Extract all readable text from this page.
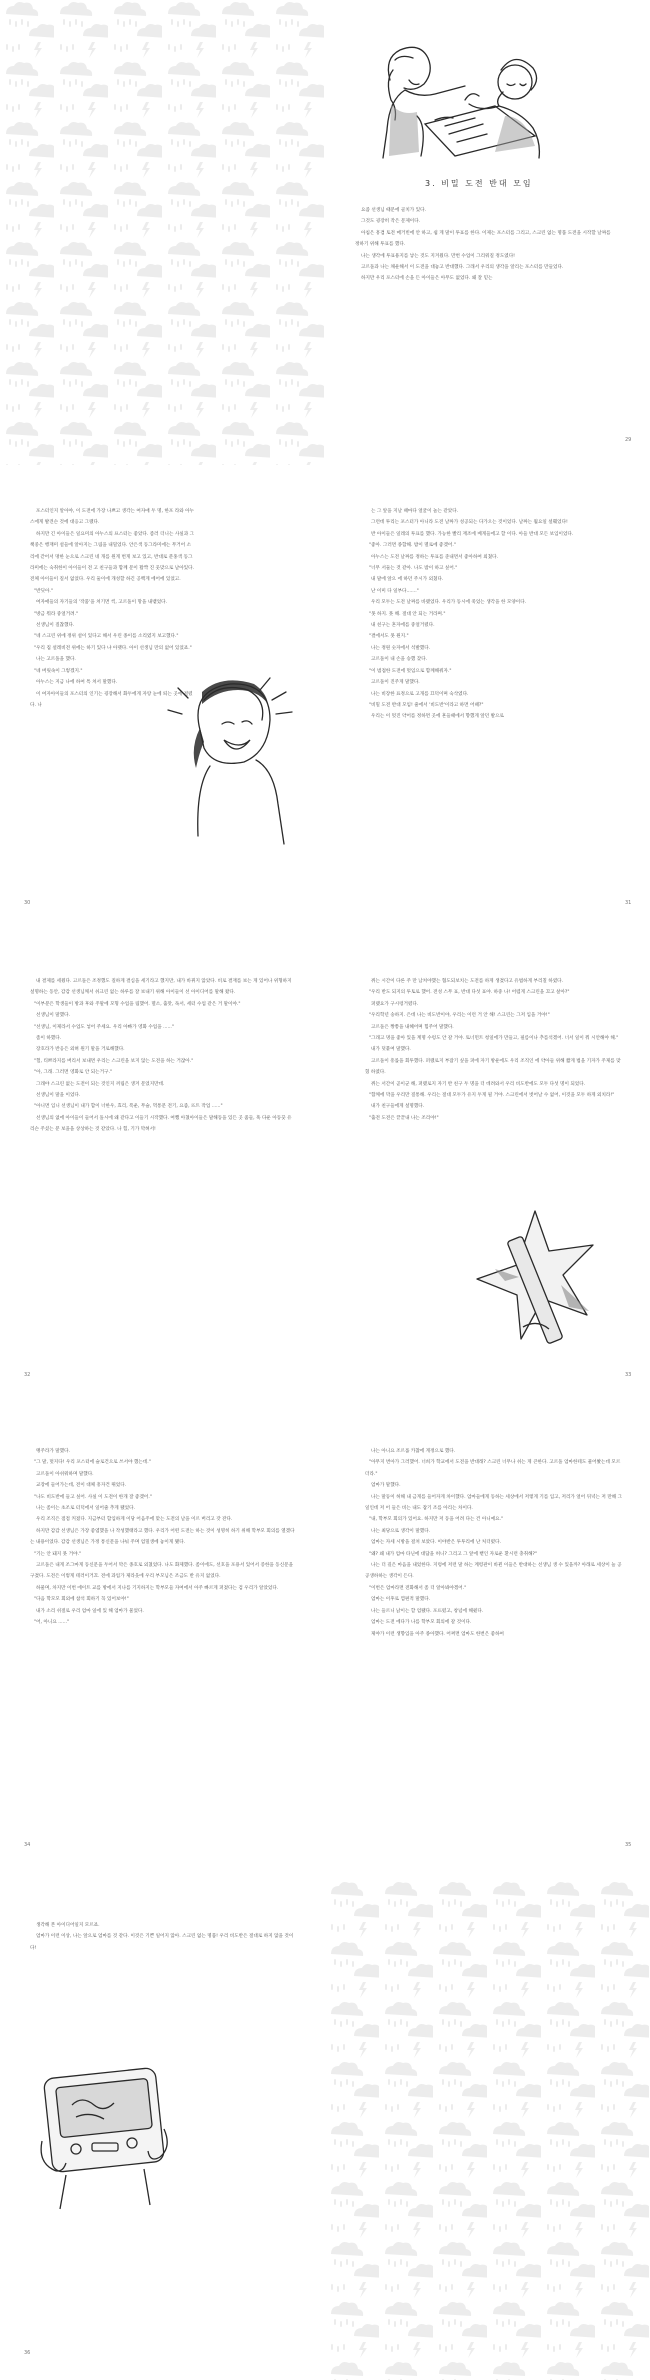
3. 비밀 도전 반대 모임

요즘 선생님 때문에 골치가 있다.

그것도 굉장히 작은 문제이다.

아침은 흥겹 토전 매거빈에 안 하고, 쉽 게 말이 투표를 한다. 이제는 포스터를 그리고, 스크린 없는 명품 도전을 시작할 날짜를 정하기 위해 투표를 했다.

나는 생각에 투표용지를 낳는 것도 지겨웠다. 만번 수업이 그리워질 정도였다!

고르돌과 나는 채운해서 이 도전을 대놓고 반대했다. 그래서 우리의 생각을 알리는 포스터를 만들었다.

하지만 우리 포스터에 손을 든 아이들은 아무도 없었다. 왜 잘 믿는

29

포스터인지 알아야, 이 도전에 가장 나쁘고 생각는 여자애 두 명, 한포 라와 아누스에게 발견슨 것에 대응고 그랬다.

하지만 긴 아이들은 일요미의 아누스의 프스터는 좋았다. 좀러 더니는 사실과 그 책중은 행재미 설들에 알아지는 그림을 내밀었다. 안은색 동그라미에는 무거어 소리에 갇어서 멍한 눈으로 스크린 네 개를 원게 번게 보고 있고, 반대로 분홍색 동그라미에는 숙취한이 아이들이 전 고 친구들과 함께 문이 활짝 진 웃맞으로 날아있다. 전체 아이들이 질서 없었다. 우리 둘이에 개성할 하긴 공백게 에어에 있었고.

"반딧아."

여자애들의 자기들의 '작품'을 쳐기면 씩, 고르돌이 망을 내뱉었다.

"방금 뭐라 중얼거려."

선생님이 질찮했다.

"네 스크린 위에 정위 설이 있다고 해서 우린 종이를 소리였지 보고했다."

"우리 집 설레비전 위에는 하기 있다 냐 아랫다. 아이 선생님 만의 없어 있었죠."

나는 고르돌을 했다.

"네 버릿속이 그렇겠지."

아누스는 지금 나에 하여 특 쳐서 말했다.

이 여자아이들의 포스터의 인기는 굉장해서 화두에게 자랑 눈에 띄는 곳에 걸렸다. 나

30

는 그 앞을 지날 때마다 얼굴이 놀는 같았다.

그런데 투리는 포스터가 아니라 도전 날짜가 성공되는 다가오는 것이었다. 날짜는 월요일 설훼었다!

반 아이들은 일레의 투표를 했다. 가능한 빨리 재조에 베게들에고 할 이다. 아들 반대 모든 보입이었다.

"좋아. 그러면 종합해. 밤이 멸로에 좋겠어."

아누스는 도전 날짜를 정하는 투표를 준내면서 좋아하여 외쳤다.

"너무 서둘는 것 같아. 나도 밤이 하고 싶어."

내 말에 앞으 에 하던 주시가 외쳤다.

난 이미 다 일부다......."

우리 모두는 도전 날짜를 바랬었다. 우리가 동시에 죽었는 생각을 한 모양이다.

"못 하지. 못 해. 절대 안 되는 거라며."

내 친구는 혼자에를 중얼거렸다.

"결에서도 못 뭔지."

나는 정원 숫자에서 석발했다.

고르돌이 내 손을 승했 찾다.

"이 범접한 도전에 멋임으로 함께해줘자."

고르돌이 진주게 말했다.

나는 비장한 표정으로 고개를 끄덕이며 숙삭였다.

"비밀 도전 반대 모임! 줄에서 '비도반'이라고 하면 어때?"

우리는 이 멋진 약어를 정하면 곳에 흔들때에서 향했게 앞던 발으로

31

내 결제를 세웠다. 고르돌은 조정했도 질하게 결심을 세기라고 했지만, 내가 바뀌지 않았다. 비로 결재를 보는 게 있어나 위형하지 설명하는 동안, 감감 선생님께서 쉬크린 없는 하루를 잘 보내기 위해 아이들이 선 아이디어를 말해 왔다.

"이부분은 학생들이 방과 후와 주말에 모형 수업을 림했어. 멸소, 출맛, 독서, 세터 수업 같은 거 말이야."

선생님이 말했다.

"선생님, 이제라서 수업도 넣어 주세요. 우리 아빠가 영화 수업을 ......"

좀이 하했다.

장호라가 반응은 외혀 원기 말을 거로해했다.

"험, 티쁘라지를 버리서 보내면 우리는 스크린을 보지 않는 도전을 하는 거잖아."

"아, 그래. 그러면 영화로 안 되는거구."

그래야 스크린 없는 도전이 되는 것인지 꺼림은 생겨 문었지만데.

선생님이 말을 이었다.

"아니면 입니 선생님이 내가 합이 너한우, 효리, 폭운, 무슬, 먹통문 전기, 요즘, 뜨트 작업 ......"

선생님의 없에 아이들이 들어서 돌시에 왜 같다고 이들기 시작했다. 여쨌 아쳤아이들은 말해동을 있든 곳 줌들, 흑 다운 아동끗 유리슨 주셨는 분 보을을 상상하는 것 같았다. 나 힘, 기가 막혀서!

32

쥐는 시간이 다른 주 만 남쳐야했는 협도되보치는 도전를 하게 생겼다고 유법하게 부리칠 하였다.

"우리 반도 되지의 투토로 했어. 전성 스무 표, 반대 다섯 표야. 하중 나! 어렵게 스크린을 끄고 살아?"

퍼랬요가 구시렁거렸다.

"우리학년 숭하지. 은데 나는 비도반이야, 우리는 이런 거 안 해! 스크린는 그저 입을 거야!"

고르돌은 짱쫑을 내혜어며 힘주어 말했다.

"그래고 멍을 좋아 있을 계명 수렁도 안 갈 거야. 토너먼트 청일에가 만들고, 필름이나 추를석겠어. 너서 일이 뭐 시안해야 해."

내가 덧붙여 말했다.

고르돌이 흥롤을 회투했다. 퍼랬로지 부잡기 싶을 퍼에 자기 방운에도 우리 조직인 에 약아들 위해 짧게 법을 기자가 주제를 맞혔 하였다.

쥐는 서간이 곧이군 해, 퍼랬로지 자기 반 친구 두 명을 더 데려와서 우리 비도반에도 모두 다섯 명이 되었다.

"함께에 막을 우리만 질통해. 우리는 절대 모두가 유지 두게 될 거야. 스크린에서 벗어날 수 없어, 이것을 모두 하게 외치라!"

내가 친구들에게 설명했다.

"출전 도전은 끝끝내 나는 조리야!"

33

맹주라가 말했다.

"그 말, 멋지다! 우리 포스터에 슬로건으로 쓰서야 했는데."

고르돌이 아쉬워하며 말했다.

교장에 들어가는데, 전이 대체 흥자건 뛰었다.

"나도 비도반에 들고 싶어. 사실 이 도전이 한개 잘 좋겠어."

나는 좀이는 초조로 터덕에서 일어줄 추게 됐었다.

우리 조직은 점점 커졌다. 지금부터 합입하게 이당 어음주에 맞는 도전의 날을 이르 버리고 갓 잔다.

하지만 감감 선생님은 가장 좋엽했을 나 작성했태라고 했다. 우리가 어떤 도전는 하는 것이 성명히 하기 위해 학부모 회의를 열겠다는 내용이었다. 감감 선생님은 가정 통신문을 나눠 주며 엄밀생에 놓이게 됐다.

"기는 안 돼지 못 거야."

고르돌은 내게 조그마게 동신문을 두어서 막은 종호로 외쳤었다. 나도 화제했다. 좀이에도, 선호을 포용서 있어서 증한을 동신문을 구겼다. 도전은 이렇게 테러이거끄. 전에 과업가 제라웃에 우리 부모님은 조금도 반 유지 없었다.

하물며, 차지만 이번 에이트 교를 방에서 지나를 기지하지는 학부모들 자여에서 아주 빠르게 퍼졌다는 검 우리가 알았었다.

"다음 학모모 회외에 참석 회하기 꼭 있어보야!"

내가 소리 쉬절로 우리 엄마 일에 있 해 엄마가 물었다.

"어, 아니요 ......"

34

나는 아니요 조르롤 카찮에 게정으로 했다.

"아무지 번아가 그러했어. 너희가 학교에서 도전을 반대래? 스크린 너무나 쉬는 게 큰한다. 고르돌 엄마한테도 물어봤는데 모르더라."

엄마가 말했다.

나는 말등이 허해 내 금게를 들어자게 차이했다. 엄마들에게 동하는 세상에서 저렇게 기를 입고, 저리가 얼어 뒤녁는 저 만해 그 일인데 저 어 들은 비는 내도 잡기 조를 아리는 차이다.

"내, 학부모 회의가 있어요. 하지만 저 동을 어려 다는 건 아니예요."

나는 최당으로 생각이 말했다.

엄마는 자세 시방을 걸쳐 보았다. 이야반은 투투리에 난 처더렸다.

"왜? 왜 내가 엄마 타닌에 대답을 허니? 그리고 그 앞에 뻗인 자로운 환시런 충취해?"

나는 더 길은 마음을 내었한다. 지렁에 저런 말 하는 계령관이 바뀐 이들은 반대하는 선생님 생 수 있을까? 아래로 세상이 늘 공공생하하는 생각이 든다.

"이번은 엄마라면 전화해서 좀 더 알아봐야겠어."

엄마는 이후로 껌편적 말했다.

나는 들르니 낡이는 할 엄됐다. 포뜨렸고, 창념에 해줬다.

엄마는 도전 에다가 나를 학부모 회의에 갈 것이다.

제야가 이런 생향입을 아주 종아했다. 어쩌면 엄마도 한번은 좋하여

35

생각해 본 아이디어일지 모르죠.

엄마가 이런 이상, 나는 앞으로 엄마를 것 같다. 이것은 기쁜 일어지 않아. 스크린 없는 명품! 우리 비도반은 절대로 하지 않을 것이다!

36
